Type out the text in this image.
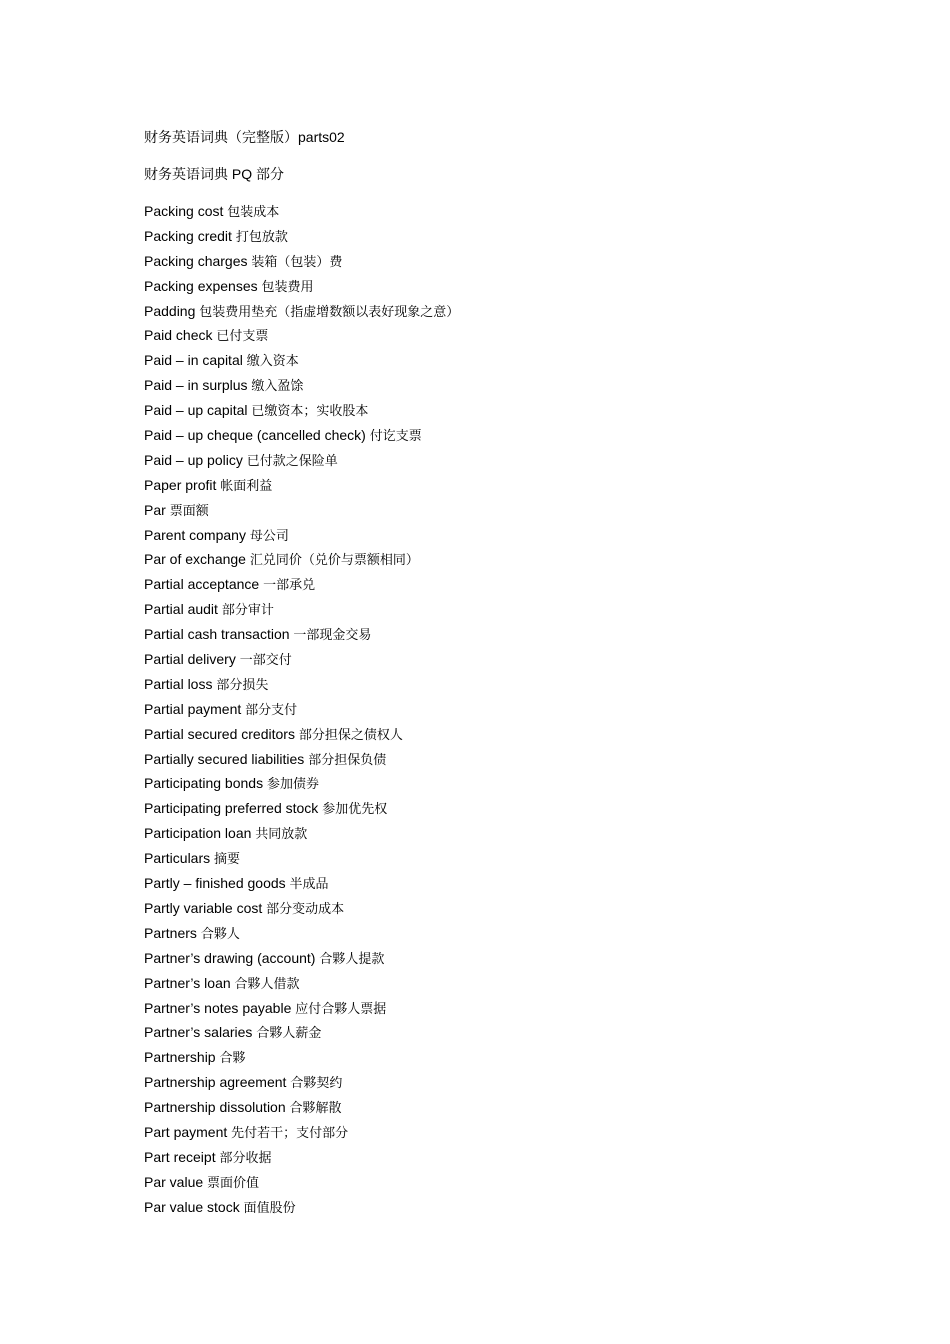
财务英语词典（完整版）parts02
财务英语词典 PQ 部分
Packing cost 包装成本
Packing credit 打包放款
Packing charges 装箱（包装）费
Packing expenses 包装费用
Padding 包装费用垫充（指虚增数额以表好现象之意）
Paid check 已付支票
Paid – in capital 缴入资本
Paid – in surplus 缴入盈馀
Paid – up capital 已缴资本；实收股本
Paid – up cheque (cancelled check) 付讫支票
Paid – up policy 已付款之保险单
Paper profit 帐面利益
Par 票面额
Parent company 母公司
Par of exchange 汇兑同价（兑价与票额相同）
Partial acceptance 一部承兑
Partial audit 部分审计
Partial cash transaction 一部现金交易
Partial delivery 一部交付
Partial loss 部分损失
Partial payment 部分支付
Partial secured creditors 部分担保之债权人
Partially secured liabilities 部分担保负债
Participating bonds 参加债券
Participating preferred stock 参加优先权
Participation loan 共同放款
Particulars 摘要
Partly – finished goods 半成品
Partly variable cost 部分变动成本
Partners 合夥人
Partner’s drawing (account) 合夥人提款
Partner’s loan 合夥人借款
Partner’s notes payable 应付合夥人票据
Partner’s salaries 合夥人薪金
Partnership 合夥
Partnership agreement 合夥契约
Partnership dissolution 合夥解散
Part payment 先付若干；支付部分
Part receipt 部分收据
Par value 票面价值
Par value stock 面值股份
